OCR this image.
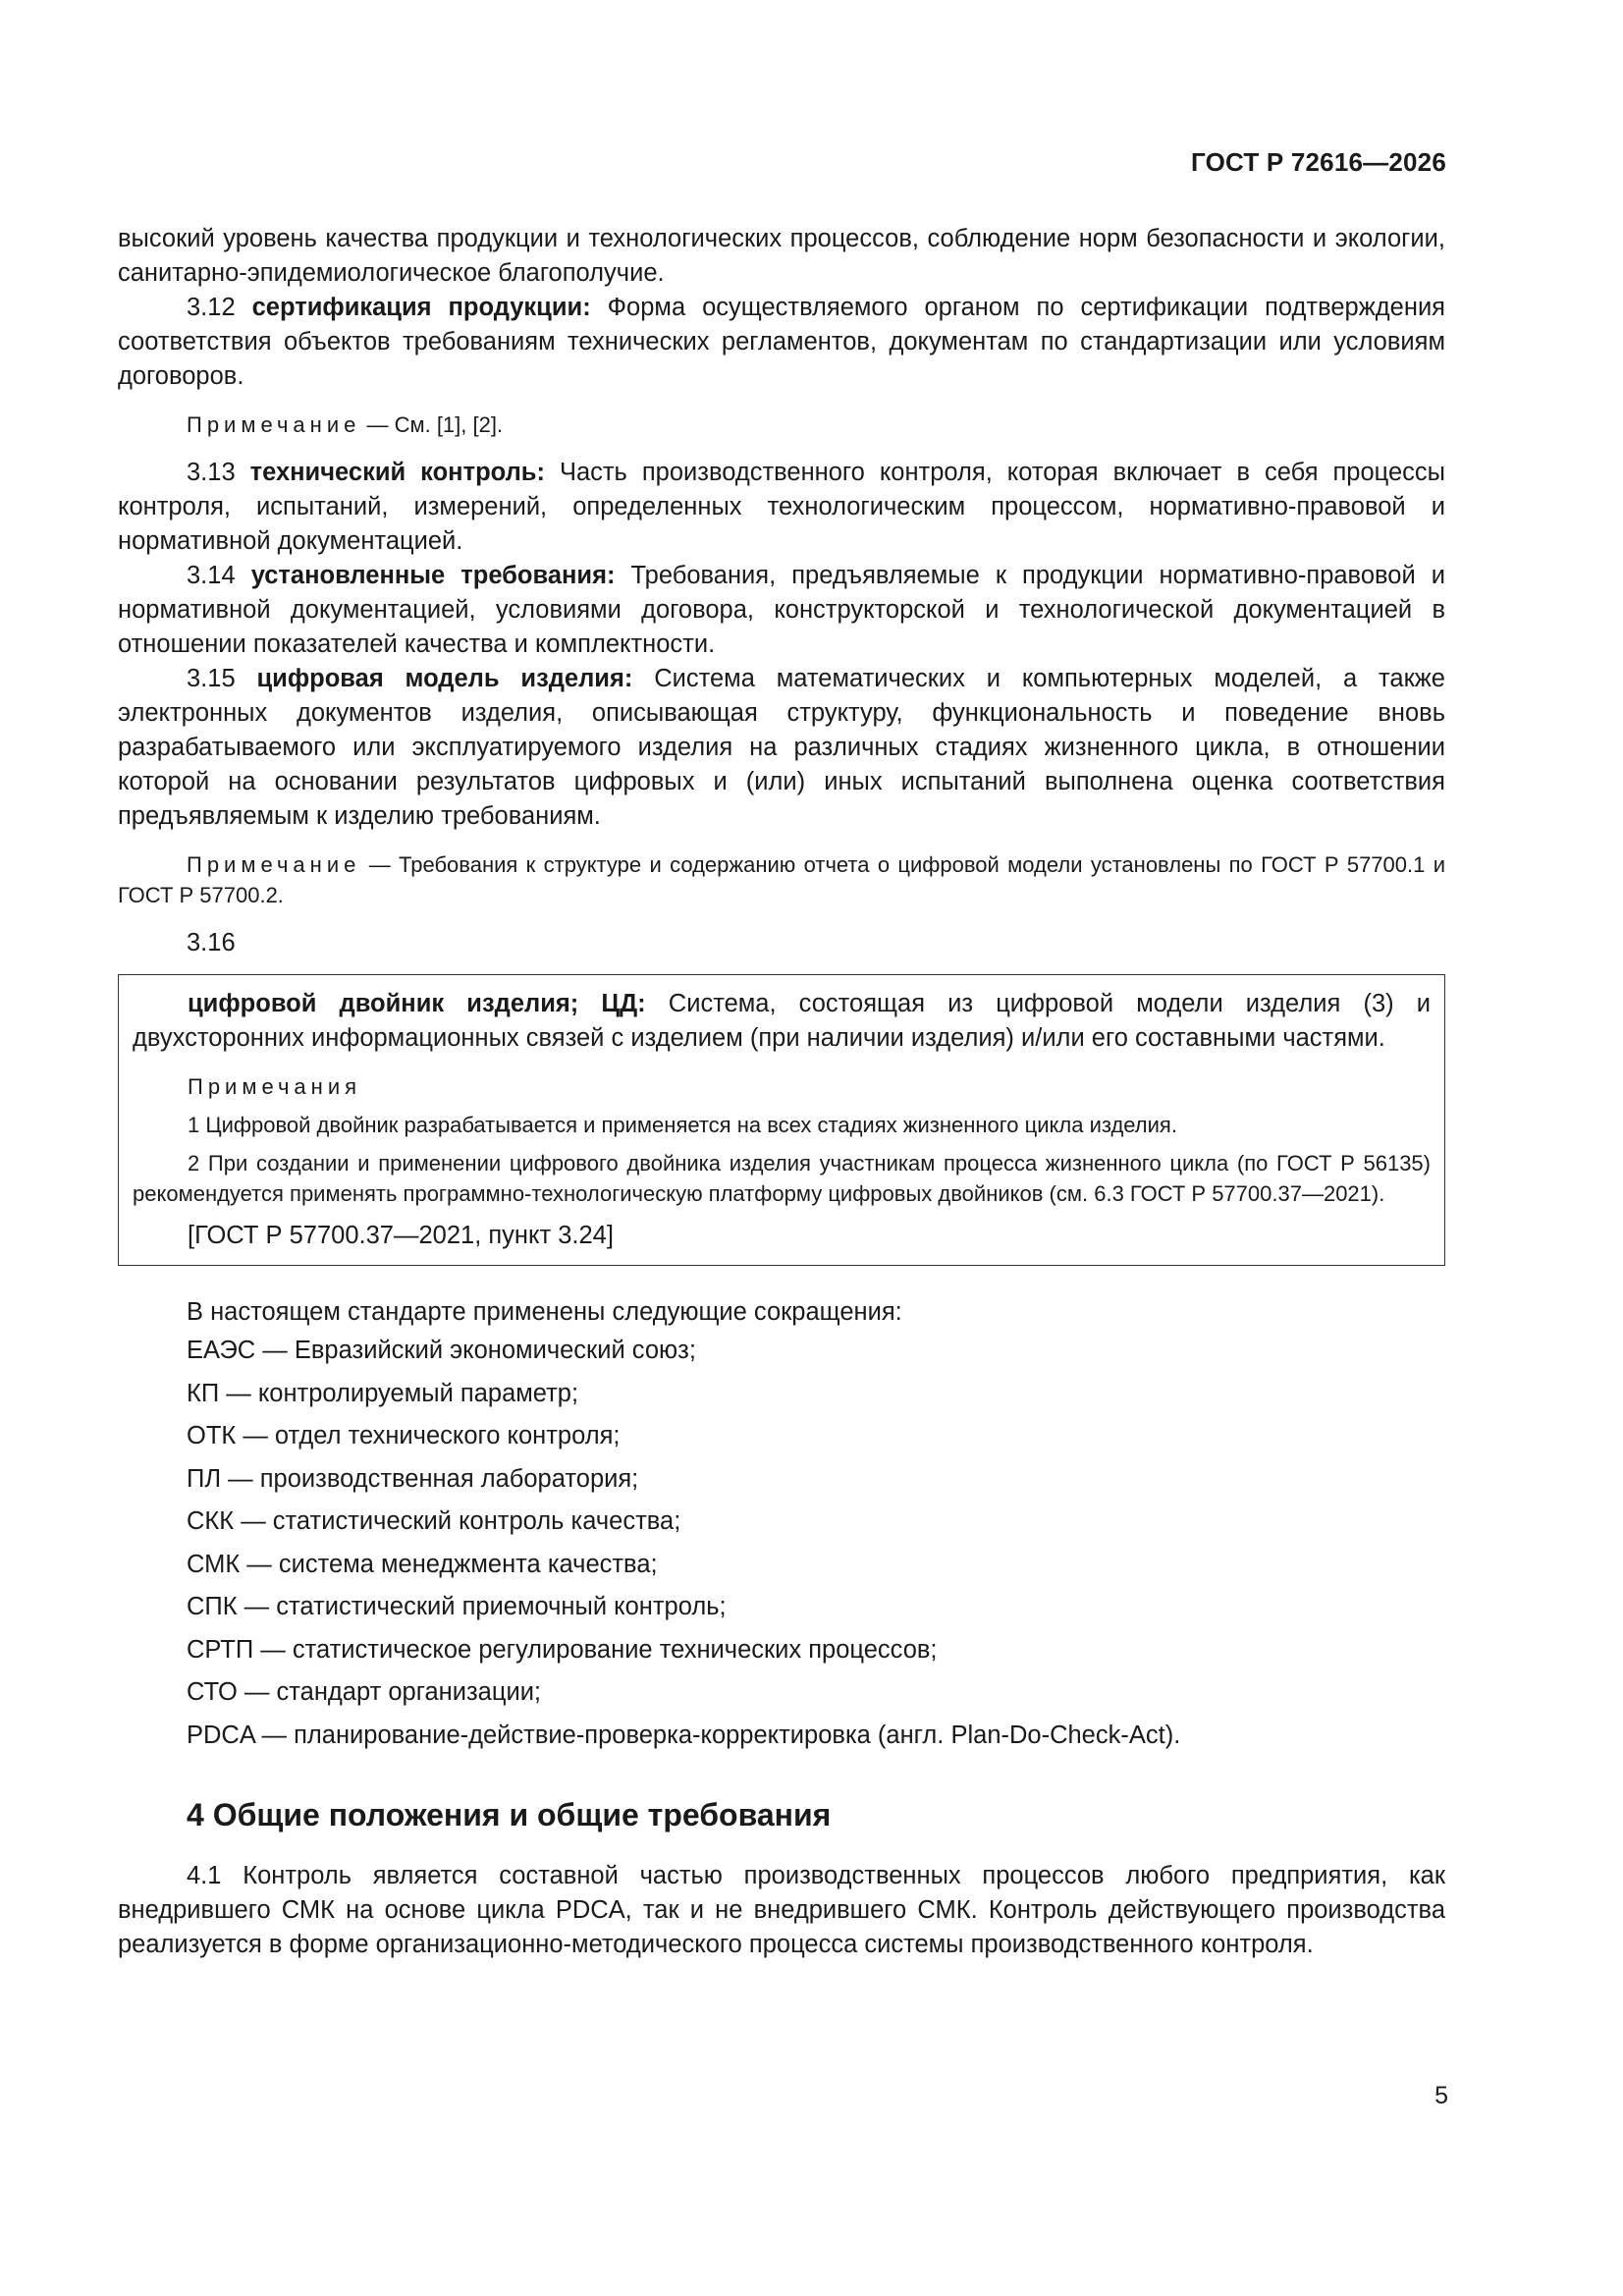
ГОСТ Р 72616—2026

высокий уровень качества продукции и технологических процессов, соблюдение норм безопасности и экологии, санитарно-эпидемиологическое благополучие.

3.12 сертификация продукции: Форма осуществляемого органом по сертификации подтверждения соответствия объектов требованиям технических регламентов, документам по стандартизации или условиям договоров.

Примечание — См. [1], [2].

3.13 технический контроль: Часть производственного контроля, которая включает в себя процессы контроля, испытаний, измерений, определенных технологическим процессом, нормативно-правовой и нормативной документацией.

3.14 установленные требования: Требования, предъявляемые к продукции нормативно-правовой и нормативной документацией, условиями договора, конструкторской и технологической документацией в отношении показателей качества и комплектности.

3.15 цифровая модель изделия: Система математических и компьютерных моделей, а также электронных документов изделия, описывающая структуру, функциональность и поведение вновь разрабатываемого или эксплуатируемого изделия на различных стадиях жизненного цикла, в отношении которой на основании результатов цифровых и (или) иных испытаний выполнена оценка соответствия предъявляемым к изделию требованиям.

Примечание — Требования к структуре и содержанию отчета о цифровой модели установлены по ГОСТ Р 57700.1 и ГОСТ Р 57700.2.

3.16

цифровой двойник изделия; ЦД: Система, состоящая из цифровой модели изделия (3) и двухсторонних информационных связей с изделием (при наличии изделия) и/или его составными частями.

Примечания

1 Цифровой двойник разрабатывается и применяется на всех стадиях жизненного цикла изделия.

2 При создании и применении цифрового двойника изделия участникам процесса жизненного цикла (по ГОСТ Р 56135) рекомендуется применять программно-технологическую платформу цифровых двойников (см. 6.3 ГОСТ Р 57700.37—2021).

[ГОСТ Р 57700.37—2021, пункт 3.24]

В настоящем стандарте применены следующие сокращения:

ЕАЭС — Евразийский экономический союз;
КП — контролируемый параметр;
ОТК — отдел технического контроля;
ПЛ — производственная лаборатория;
СКК — статистический контроль качества;
СМК — система менеджмента качества;
СПК — статистический приемочный контроль;
СРТП — статистическое регулирование технических процессов;
СТО — стандарт организации;
PDCA — планирование-действие-проверка-корректировка (англ. Plan-Do-Check-Act).
4 Общие положения и общие требования

4.1 Контроль является составной частью производственных процессов любого предприятия, как внедрившего СМК на основе цикла PDCA, так и не внедрившего СМК. Контроль действующего производства реализуется в форме организационно-методического процесса системы производственного контроля.

5
